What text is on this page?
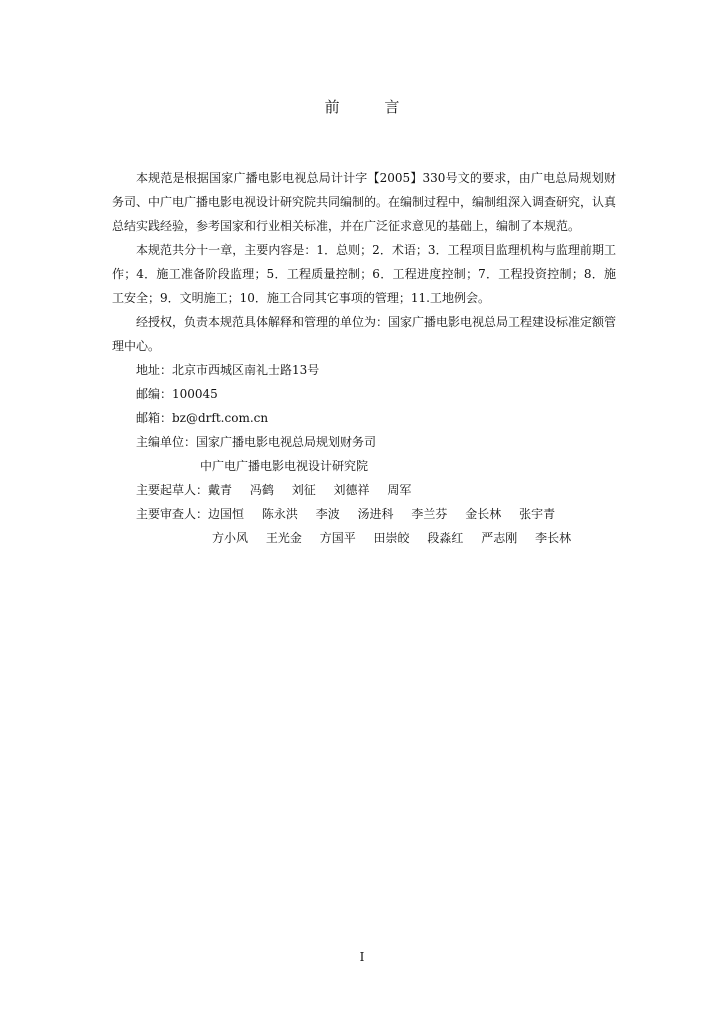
前 言

本规范是根据国家广播电影电视总局计计字【2005】330号文的要求，由广电总局规划财务司、中广电广播电影电视设计研究院共同编制的。在编制过程中，编制组深入调查研究，认真总结实践经验，参考国家和行业相关标准，并在广泛征求意见的基础上，编制了本规范。

本规范共分十一章，主要内容是：1．总则；2．术语；3．工程项目监理机构与监理前期工作；4．施工准备阶段监理；5．工程质量控制；6．工程进度控制；7．工程投资控制；8．施工安全；9．文明施工；10．施工合同其它事项的管理；11.工地例会。

经授权，负责本规范具体解释和管理的单位为：国家广播电影电视总局工程建设标准定额管理中心。

地址：北京市西城区南礼士路13号

邮编：100045

邮箱：bz@drft.com.cn

主编单位：国家广播电影电视总局规划财务司

中广电广播电影电视设计研究院

主要起草人： 戴青 冯鹤 刘征 刘德祥 周军
主要审查人： 边国恒 陈永洪 李波 汤进科 李兰芬 金长林 张宇青
方小风 王光金 方国平 田崇皎 段淼红 严志刚 李长林
I
